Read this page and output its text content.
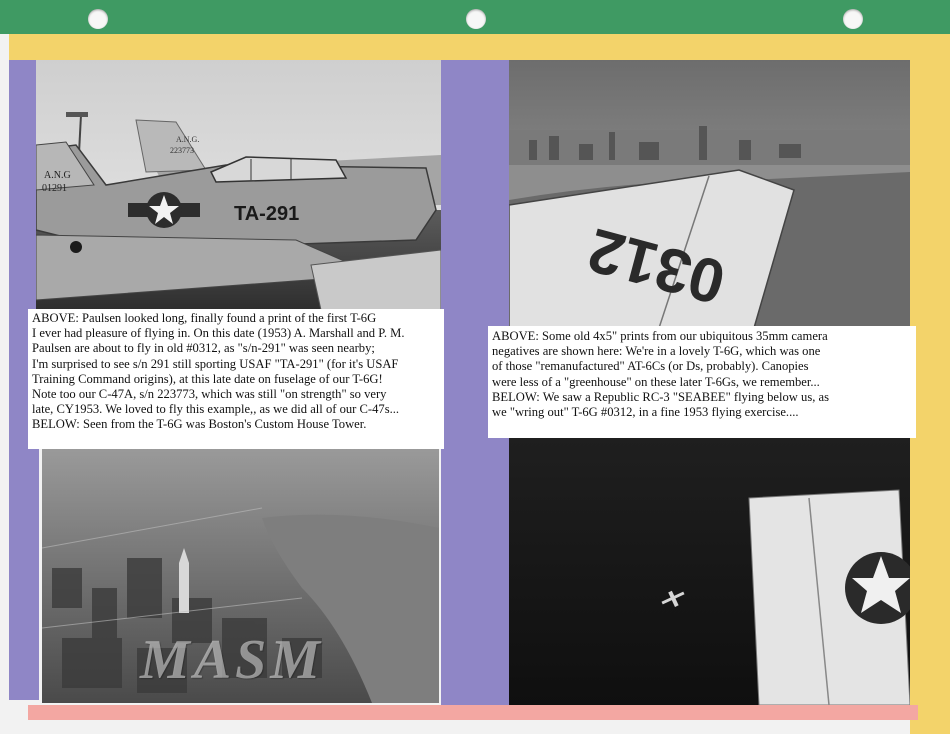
A.N.G.
223773
A.N.G
01291
TA-291
0312
ABOVE: Paulsen looked long, finally found a print of the first T-6G
I ever had pleasure of flying in. On this date (1953) A. Marshall and P. M.
Paulsen are about to fly in old #0312, as "s/n-291" was seen nearby;
I'm surprised to see s/n 291 still sporting USAF "TA-291" (for it's USAF
Training Command origins), at this late date on fuselage of our T-6G!
Note too our C-47A, s/n 223773, which was still "on strength" so very
late, CY1953. We loved to fly this example,, as we did all of our C-47s...
BELOW: Seen from the T-6G was Boston's Custom House Tower.
ABOVE: Some old 4x5" prints from our ubiquitous 35mm camera
negatives are shown here: We're in a lovely T-6G, which was one
of those "remanufactured" AT-6Cs (or Ds, probably). Canopies
were less of a "greenhouse" on these later T-6Gs, we remember...
BELOW: We saw a Republic RC-3 "SEABEE" flying below us, as
we "wring out" T-6G #0312, in a fine 1953 flying exercise....
MASM
